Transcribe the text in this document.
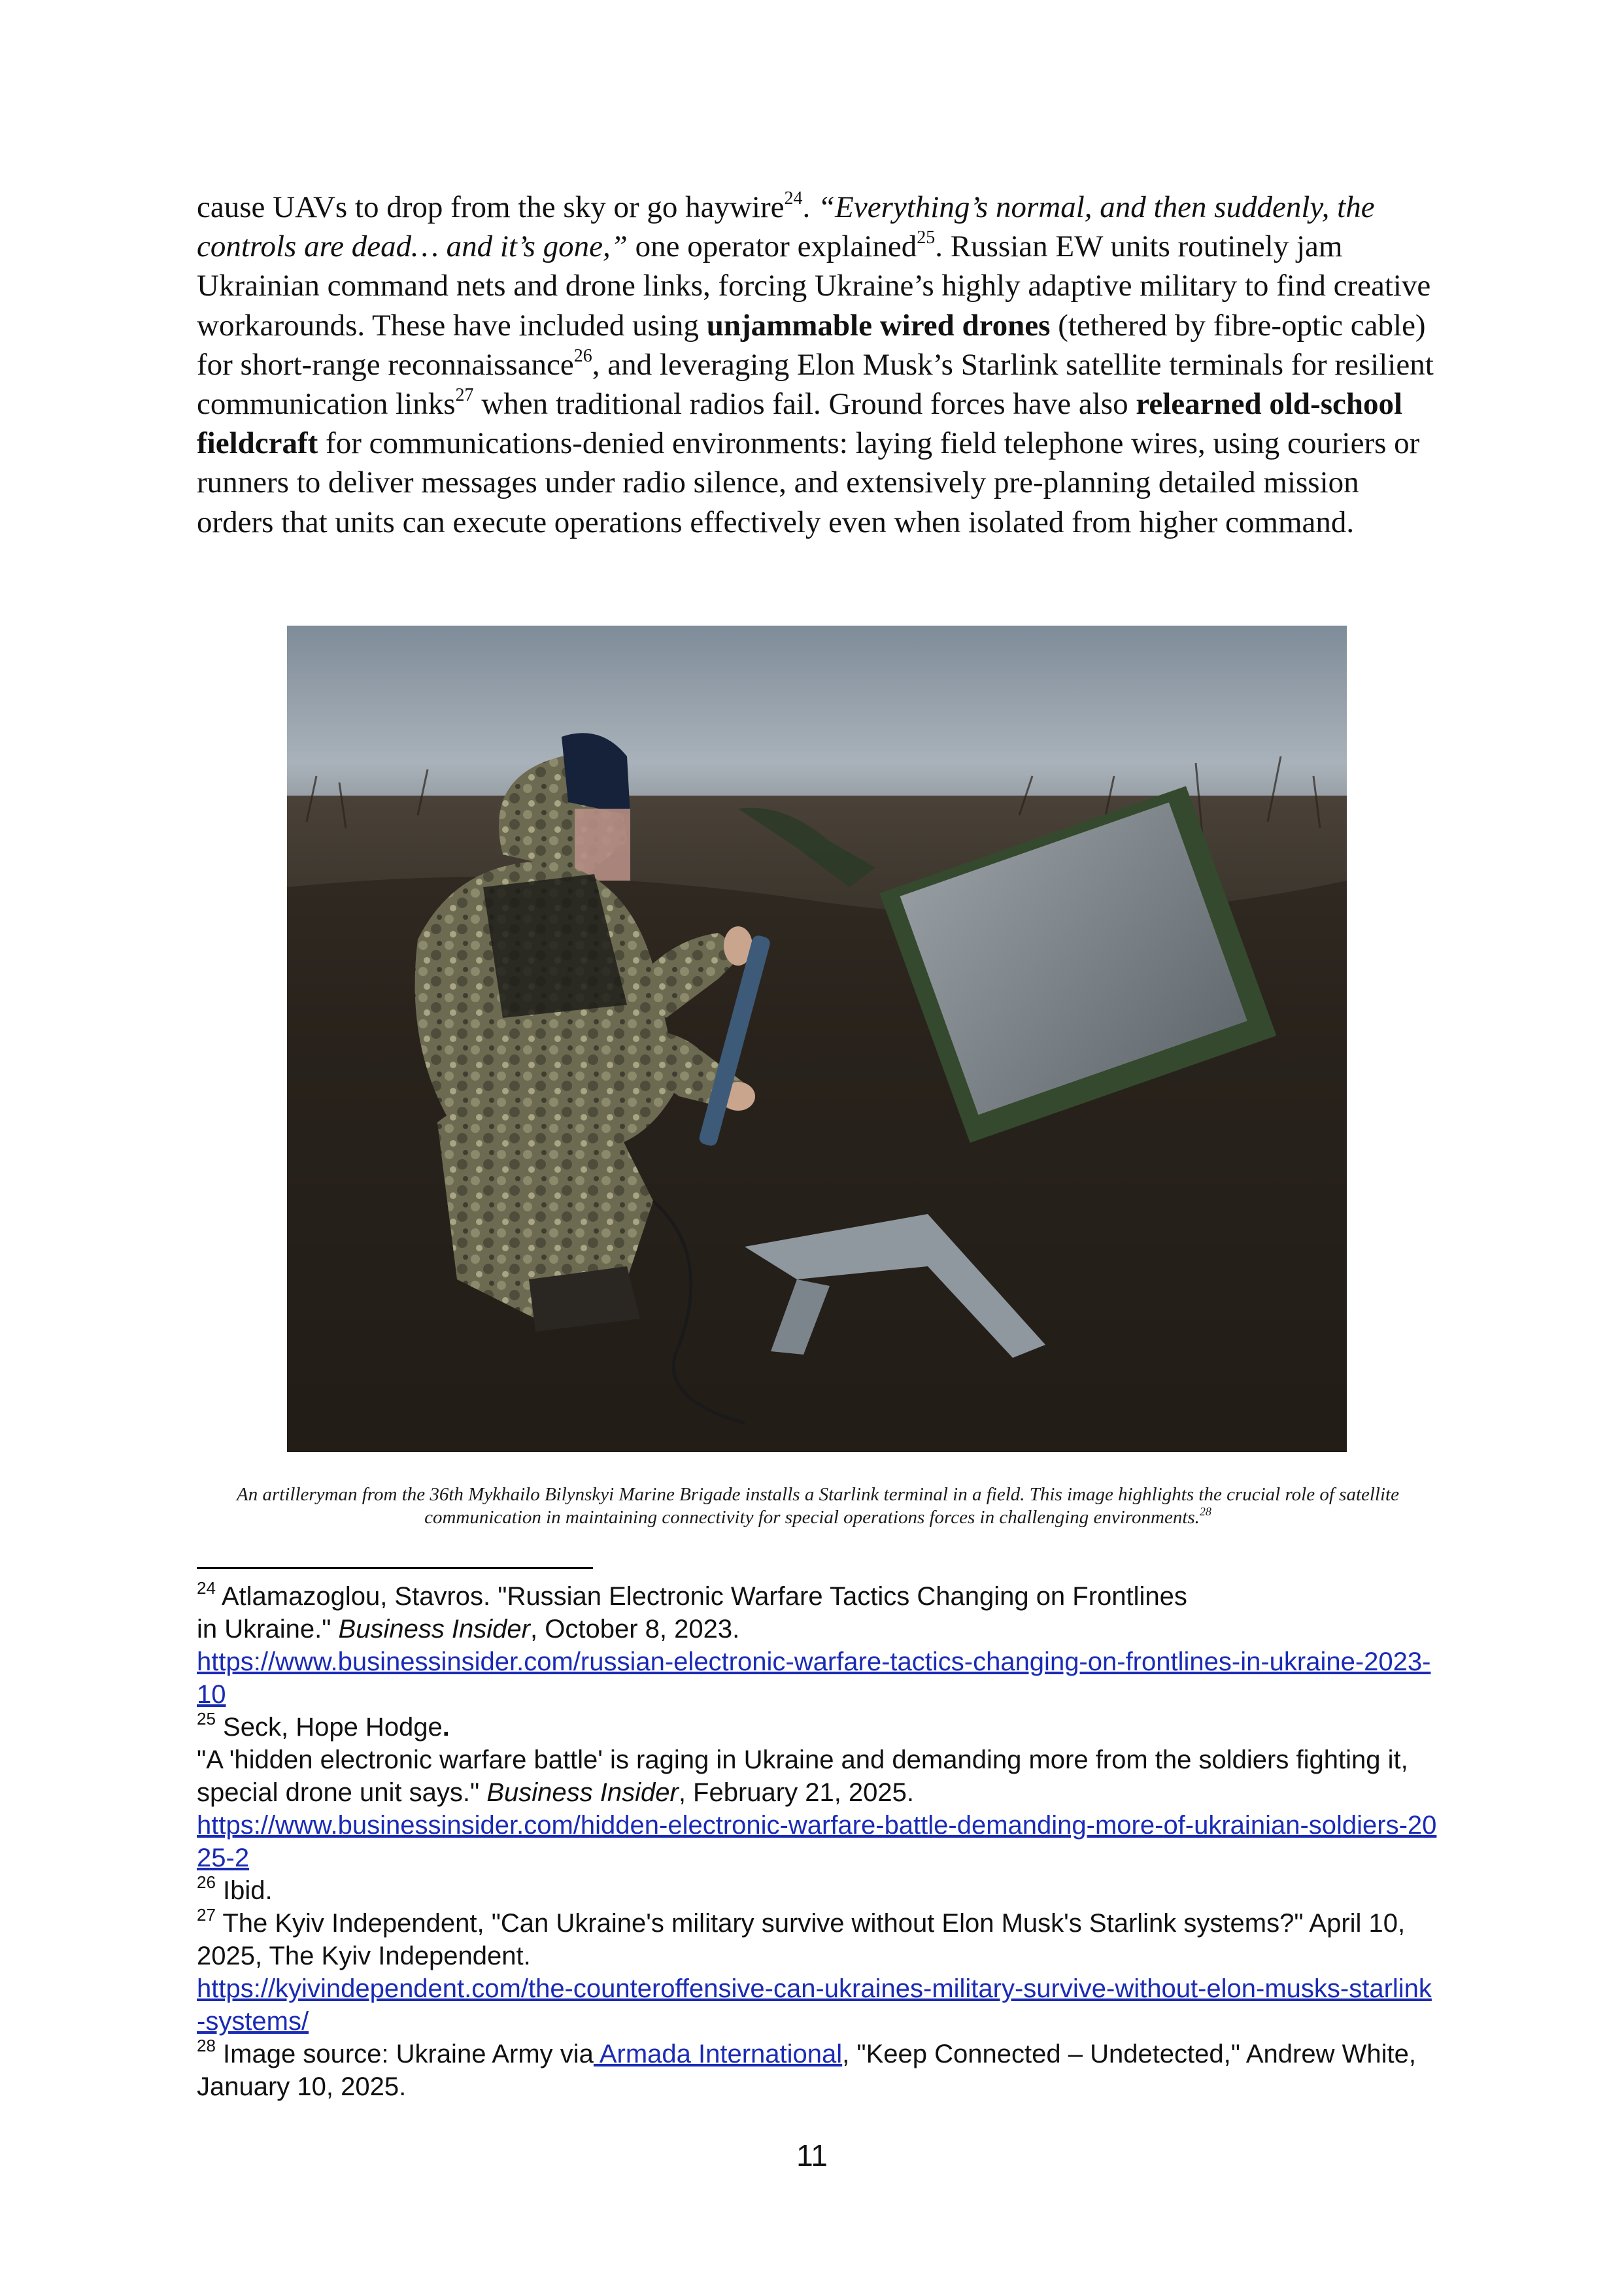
cause UAVs to drop from the sky or go haywire$^{24}$. “Everything’s normal, and then suddenly, the controls are dead… and it’s gone,” one operator explained$^{25}$. Russian EW units routinely jam Ukrainian command nets and drone links, forcing Ukraine’s highly adaptive military to find creative workarounds. These have included using unjammable wired drones (tethered by fibre-optic cable) for short-range reconnaissance$^{26}$, and leveraging Elon Musk’s Starlink satellite terminals for resilient communication links$^{27}$ when traditional radios fail. Ground forces have also relearned old-school fieldcraft for communications-denied environments: laying field telephone wires, using couriers or runners to deliver messages under radio silence, and extensively pre-planning detailed mission orders that units can execute operations effectively even when isolated from higher command.

An artilleryman from the 36th Mykhailo Bilynskyi Marine Brigade installs a Starlink terminal in a field. This image highlights the crucial role of satellite communication in maintaining connectivity for special operations forces in challenging environments.$^{28}$

$^{24}$ Atlamazoglou, Stavros. "Russian Electronic Warfare Tactics Changing on Frontlines
in Ukraine." Business Insider, October 8, 2023.
https://www.businessinsider.com/russian-electronic-warfare-tactics-changing-on-frontlines-in-ukraine-2023-10

$^{25}$ Seck, Hope Hodge.
"A 'hidden electronic warfare battle' is raging in Ukraine and demanding more from the soldiers fighting it, special drone unit says." Business Insider, February 21, 2025.
https://www.businessinsider.com/hidden-electronic-warfare-battle-demanding-more-of-ukrainian-soldiers-2025-2

$^{26}$ Ibid.

$^{27}$ The Kyiv Independent, "Can Ukraine's military survive without Elon Musk's Starlink systems?" April 10, 2025, The Kyiv Independent.
https://kyivindependent.com/the-counteroffensive-can-ukraines-military-survive-without-elon-musks-starlink-systems/

$^{28}$ Image source: Ukraine Army via Armada International, "Keep Connected – Undetected," Andrew White, January 10, 2025.

11
